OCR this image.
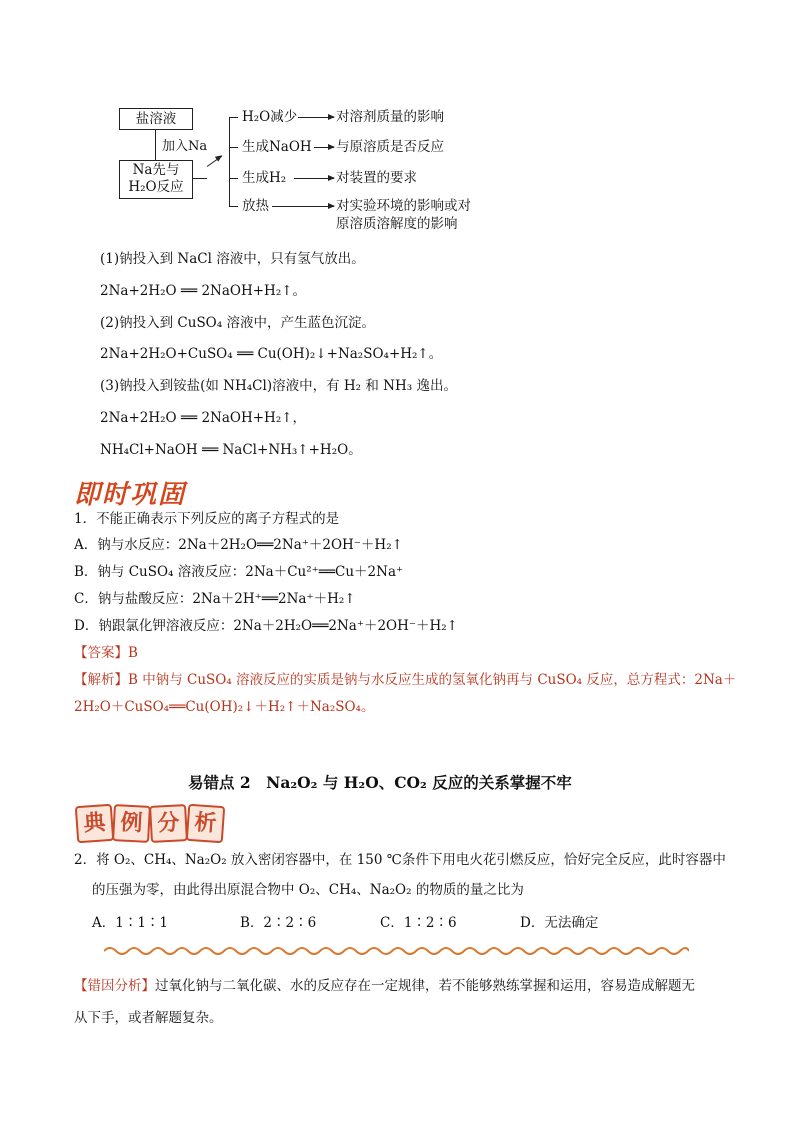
盐溶液
加入Na
Na先与
H₂O反应
H₂O减少	对溶剂质量的影响
生成NaOH 与原溶质是否反应
生成H₂	对装置的要求
放热	对实验环境的影响或对
原溶质溶解度的影响
(1)钠投入到 NaCl 溶液中，只有氢气放出。
2Na+2H₂O ══ 2NaOH+H₂↑。
(2)钠投入到 CuSO₄ 溶液中，产生蓝色沉淀。
2Na+2H₂O+CuSO₄ ══ Cu(OH)₂↓+Na₂SO₄+H₂↑。
(3)钠投入到铵盐(如 NH₄Cl)溶液中，有 H₂ 和 NH₃ 逸出。
2Na+2H₂O ══ 2NaOH+H₂↑，
NH₄Cl+NaOH ══ NaCl+NH₃↑+H₂O。
即时巩固
1．不能正确表示下列反应的离子方程式的是
A．钠与水反应：2Na＋2H₂O══2Na⁺＋2OH⁻＋H₂↑
B．钠与 CuSO₄ 溶液反应：2Na＋Cu²⁺══Cu＋2Na⁺
C．钠与盐酸反应：2Na＋2H⁺══2Na⁺＋H₂↑
D．钠跟氯化钾溶液反应：2Na＋2H₂O══2Na⁺＋2OH⁻＋H₂↑
【答案】B
【解析】B 中钠与 CuSO₄ 溶液反应的实质是钠与水反应生成的氢氧化钠再与 CuSO₄ 反应，总方程式：2Na＋
2H₂O＋CuSO₄══Cu(OH)₂↓＋H₂↑＋Na₂SO₄。
易错点 2　Na₂O₂ 与 H₂O、CO₂ 反应的关系掌握不牢
典 例 分 析
2．将 O₂、CH₄、Na₂O₂ 放入密闭容器中，在 150 ℃条件下用电火花引燃反应，恰好完全反应，此时容器中
的压强为零，由此得出原混合物中 O₂、CH₄、Na₂O₂ 的物质的量之比为
A．1∶1∶1	B．2∶2∶6	C．1∶2∶6	D．无法确定
【错因分析】过氧化钠与二氧化碳、水的反应存在一定规律，若不能够熟练掌握和运用，容易造成解题无
从下手，或者解题复杂。
